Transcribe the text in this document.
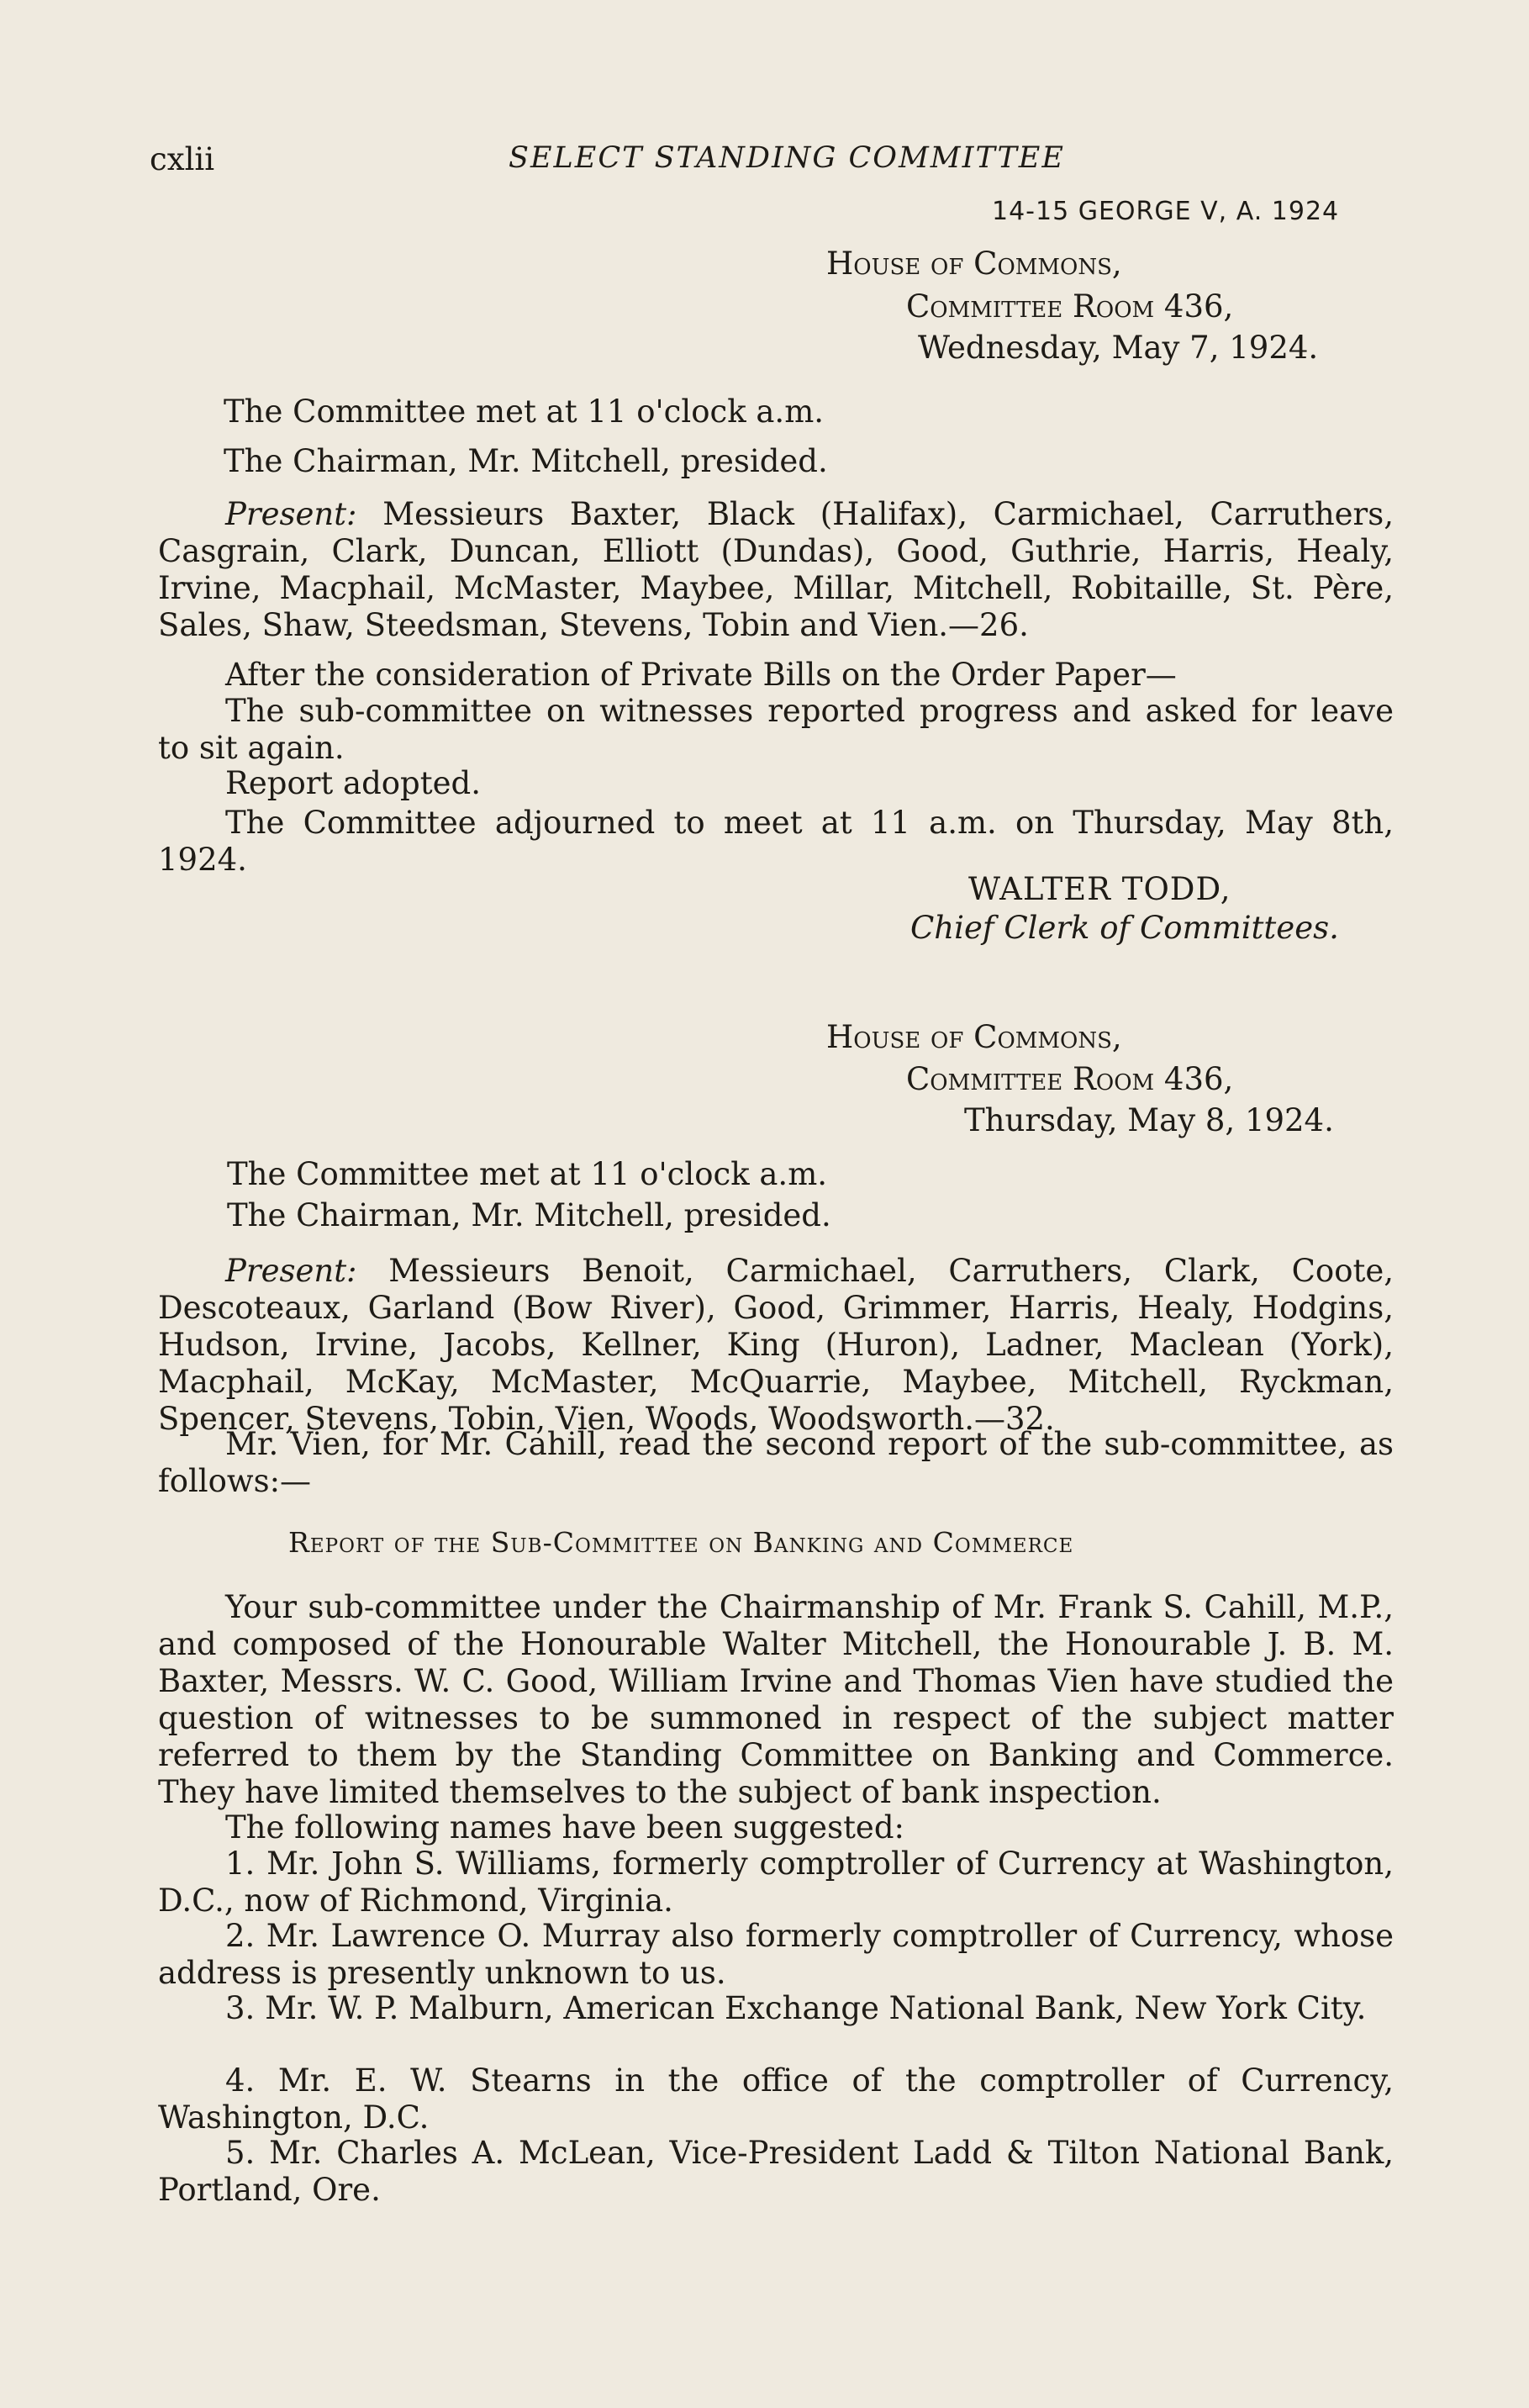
cxlii	SELECT STANDING COMMITTEE
14-15 GEORGE V, A. 1924
House of Commons,
Committee Room 436,
Wednesday, May 7, 1924.
The Committee met at 11 o'clock a.m.
The Chairman, Mr. Mitchell, presided.
Present: Messieurs Baxter, Black (Halifax), Carmichael, Carruthers, Casgrain, Clark, Duncan, Elliott (Dundas), Good, Guthrie, Harris, Healy, Irvine, Macphail, McMaster, Maybee, Millar, Mitchell, Robitaille, St. Père, Sales, Shaw, Steedsman, Stevens, Tobin and Vien.—26.
After the consideration of Private Bills on the Order Paper—
The sub-committee on witnesses reported progress and asked for leave to sit again.
Report adopted.
The Committee adjourned to meet at 11 a.m. on Thursday, May 8th, 1924.
WALTER TODD,
Chief Clerk of Committees.
House of Commons,
Committee Room 436,
Thursday, May 8, 1924.
The Committee met at 11 o'clock a.m.
The Chairman, Mr. Mitchell, presided.
Present: Messieurs Benoit, Carmichael, Carruthers, Clark, Coote, Descoteaux, Garland (Bow River), Good, Grimmer, Harris, Healy, Hodgins, Hudson, Irvine, Jacobs, Kellner, King (Huron), Ladner, Maclean (York), Macphail, McKay, McMaster, McQuarrie, Maybee, Mitchell, Ryckman, Spencer, Stevens, Tobin, Vien, Woods, Woodsworth.—32.
Mr. Vien, for Mr. Cahill, read the second report of the sub-committee, as follows:—
Report of the Sub-Committee on Banking and Commerce
Your sub-committee under the Chairmanship of Mr. Frank S. Cahill, M.P., and composed of the Honourable Walter Mitchell, the Honourable J. B. M. Baxter, Messrs. W. C. Good, William Irvine and Thomas Vien have studied the question of witnesses to be summoned in respect of the subject matter referred to them by the Standing Committee on Banking and Commerce. They have limited themselves to the subject of bank inspection.
The following names have been suggested:
1. Mr. John S. Williams, formerly comptroller of Currency at Washington, D.C., now of Richmond, Virginia.
2. Mr. Lawrence O. Murray also formerly comptroller of Currency, whose address is presently unknown to us.
3. Mr. W. P. Malburn, American Exchange National Bank, New York City.
4. Mr. E. W. Stearns in the office of the comptroller of Currency, Washington, D.C.
5. Mr. Charles A. McLean, Vice-President Ladd & Tilton National Bank, Portland, Ore.
